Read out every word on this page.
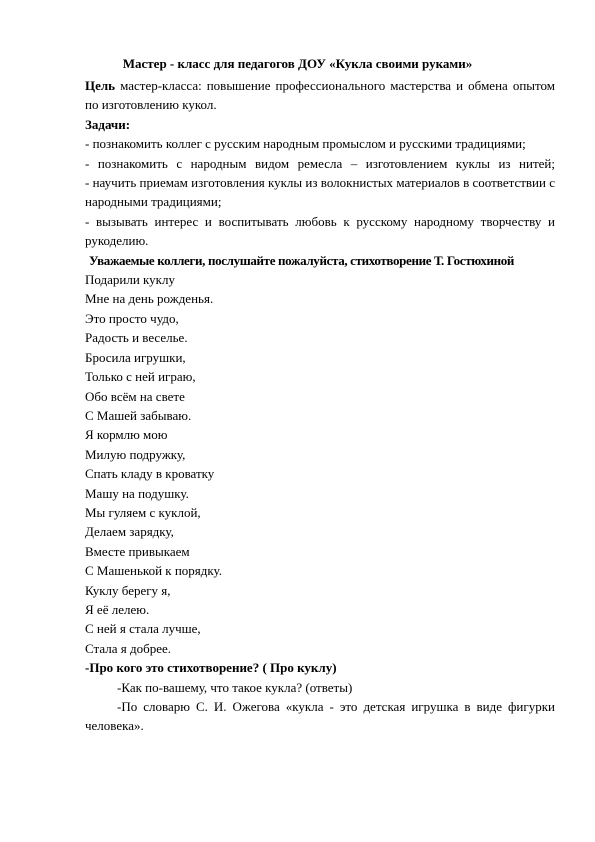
Мастер - класс для педагогов ДОУ «Кукла своими руками»

Цель мастер-класса: повышение профессионального мастерства и обмена опытом по изготовлению кукол.

Задачи:

- познакомить коллег с русским народным промыслом и русскими традициями;

- познакомить с народным видом ремесла – изготовлением куклы из нитей;

- научить приемам изготовления куклы из волокнистых материалов в соответствии с народными традициями;

- вызывать интерес и воспитывать любовь к русскому народному творчеству и рукоделию.

Уважаемые коллеги, послушайте пожалуйста, стихотворение Т. Гостюхиной

Подарили куклу
Мне на день рожденья.
Это просто чудо,
Радость и веселье.
Бросила игрушки,
Только с ней играю,
Обо всём на свете
С Машей забываю.
Я кормлю мою
Милую подружку,
Спать кладу в кроватку
Машу на подушку.
Мы гуляем с куклой,
Делаем зарядку,
Вместе привыкаем
С Машенькой к порядку.
Куклу берегу я,
Я её лелею.
С ней я стала лучше,
Стала я добрее.

-Про кого это стихотворение? ( Про куклу)

-Как по-вашему, что такое кукла? (ответы)

-По словарю С. И. Ожегова «кукла - это детская игрушка в виде фигурки человека».
